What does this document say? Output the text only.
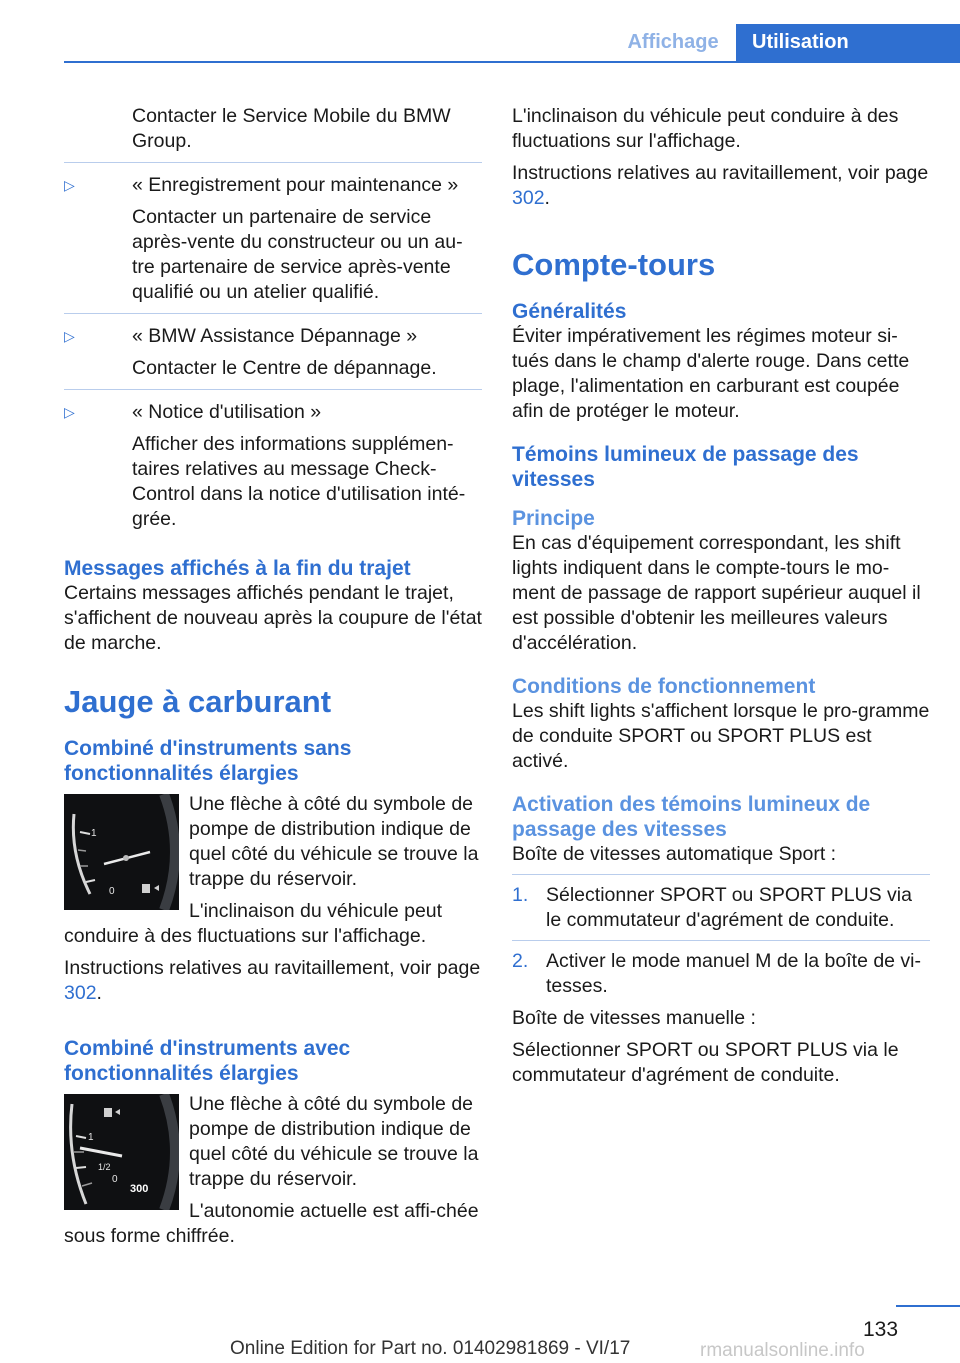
Affichage	Utilisation

Contacter le Service Mobile du BMW Group.

▷	« Enregistrement pour maintenance »

Contacter un partenaire de service après-vente du constructeur ou un au-tre partenaire de service après-vente qualifié ou un atelier qualifié.

▷	« BMW Assistance Dépannage »

Contacter le Centre de dépannage.

▷	« Notice d'utilisation »

Afficher des informations supplémen-taires relatives au message Check-Control dans la notice d'utilisation inté-grée.

Messages affichés à la fin du trajet

Certains messages affichés pendant le trajet, s'affichent de nouveau après la coupure de l'état de marche.

Jauge à carburant
Combiné d'instruments sans fonctionnalités élargies
1
0

Une flèche à côté du symbole de pompe de distribution indique de quel côté du véhicule se trouve la trappe du réservoir.

L'inclinaison du véhicule peut conduire à des fluctuations sur l'affichage.

Instructions relatives au ravitaillement, voir page 302.

Combiné d'instruments avec fonctionnalités élargies
1
1/2
0
300

Une flèche à côté du symbole de pompe de distribution indique de quel côté du véhicule se trouve la trappe du réservoir.

L'autonomie actuelle est affi-chée sous forme chiffrée.

L'inclinaison du véhicule peut conduire à des fluctuations sur l'affichage.

Instructions relatives au ravitaillement, voir page 302.

Compte-tours
Généralités

Éviter impérativement les régimes moteur si-tués dans le champ d'alerte rouge. Dans cette plage, l'alimentation en carburant est coupée afin de protéger le moteur.

Témoins lumineux de passage des vitesses
Principe

En cas d'équipement correspondant, les shift lights indiquent dans le compte-tours le mo-ment de passage de rapport supérieur auquel il est possible d'obtenir les meilleures valeurs d'accélération.

Conditions de fonctionnement

Les shift lights s'affichent lorsque le pro-gramme de conduite SPORT ou SPORT PLUS est activé.

Activation des témoins lumineux de passage des vitesses

Boîte de vitesses automatique Sport :

1. Sélectionner SPORT ou SPORT PLUS via le commutateur d'agrément de conduite.
2. Activer le mode manuel M de la boîte de vi-tesses.

Boîte de vitesses manuelle :

Sélectionner SPORT ou SPORT PLUS via le commutateur d'agrément de conduite.

133
Online Edition for Part no. 01402981869 - VI/17	rmanualsonline.info
